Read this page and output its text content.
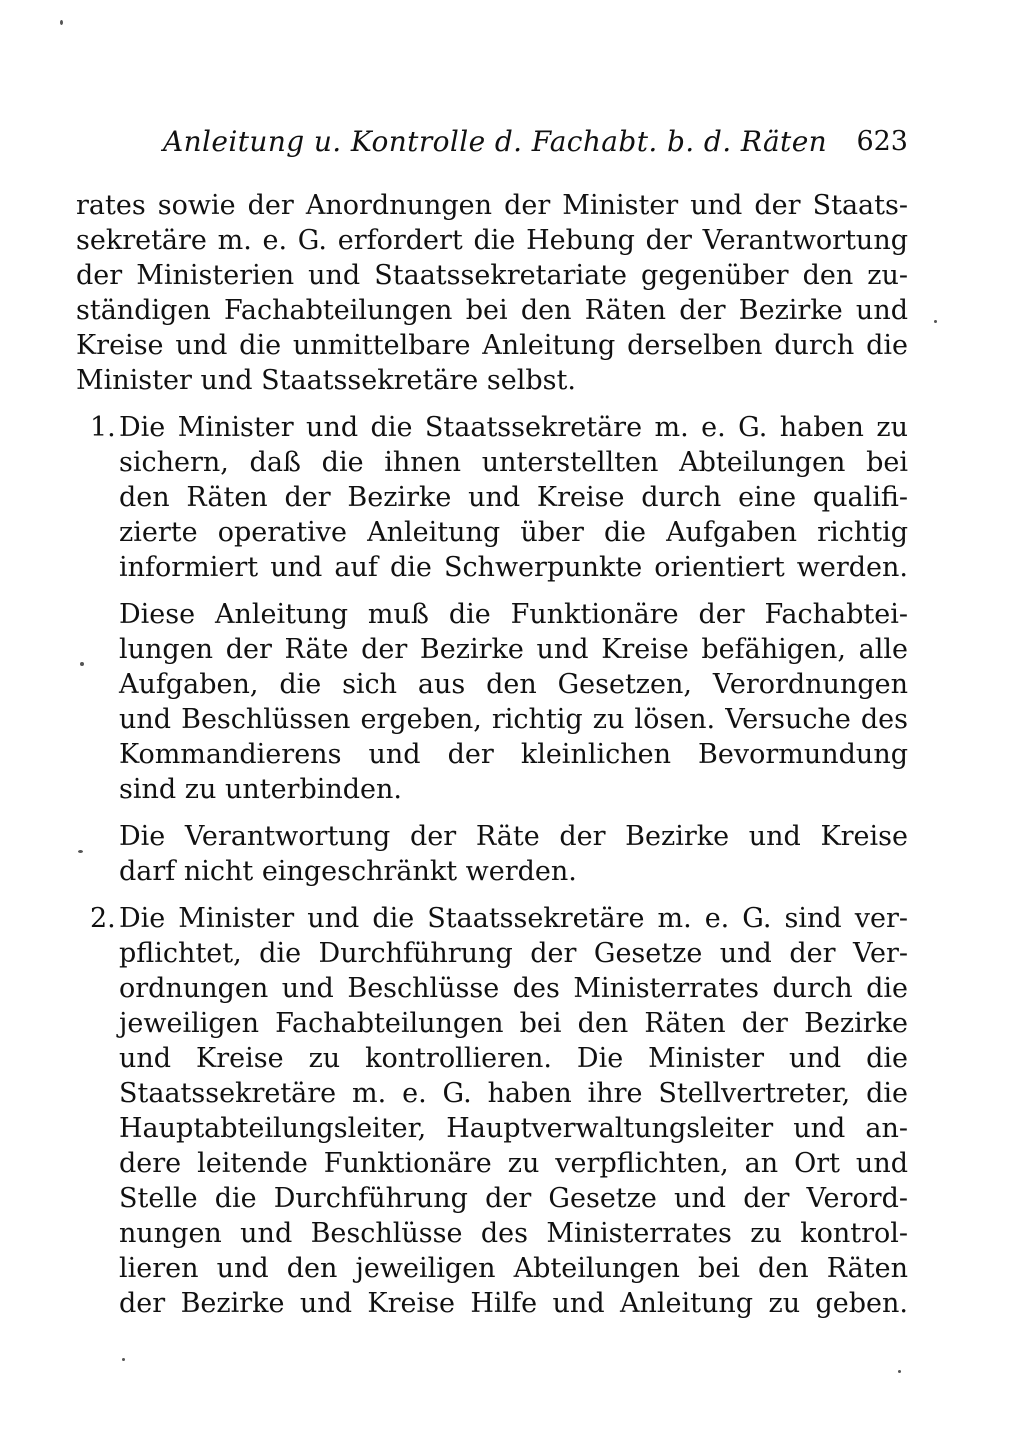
Anleitung u. Kontrolle d. Fachabt. b. d. Räten 623
rates sowie der Anordnungen der Minister und der Staats-
sekretäre m. e. G. erfordert die Hebung der Verantwortung
der Ministerien und Staatssekretariate gegenüber den zu-
ständigen Fachabteilungen bei den Räten der Bezirke und
Kreise und die unmittelbare Anleitung derselben durch die
Minister und Staatssekretäre selbst.
1. Die Minister und die Staatssekretäre m. e. G. haben zu
sichern, daß die ihnen unterstellten Abteilungen bei
den Räten der Bezirke und Kreise durch eine qualifi-
zierte operative Anleitung über die Aufgaben richtig
informiert und auf die Schwerpunkte orientiert werden.
Diese Anleitung muß die Funktionäre der Fachabtei-
lungen der Räte der Bezirke und Kreise befähigen, alle
Aufgaben, die sich aus den Gesetzen, Verordnungen
und Beschlüssen ergeben, richtig zu lösen. Versuche des
Kommandierens und der kleinlichen Bevormundung
sind zu unterbinden.
Die Verantwortung der Räte der Bezirke und Kreise
darf nicht eingeschränkt werden.
2. Die Minister und die Staatssekretäre m. e. G. sind ver-
pflichtet, die Durchführung der Gesetze und der Ver-
ordnungen und Beschlüsse des Ministerrates durch die
jeweiligen Fachabteilungen bei den Räten der Bezirke
und Kreise zu kontrollieren. Die Minister und die
Staatssekretäre m. e. G. haben ihre Stellvertreter, die
Hauptabteilungsleiter, Hauptverwaltungsleiter und an-
dere leitende Funktionäre zu verpflichten, an Ort und
Stelle die Durchführung der Gesetze und der Verord-
nungen und Beschlüsse des Ministerrates zu kontrol-
lieren und den jeweiligen Abteilungen bei den Räten
der Bezirke und Kreise Hilfe und Anleitung zu geben.
